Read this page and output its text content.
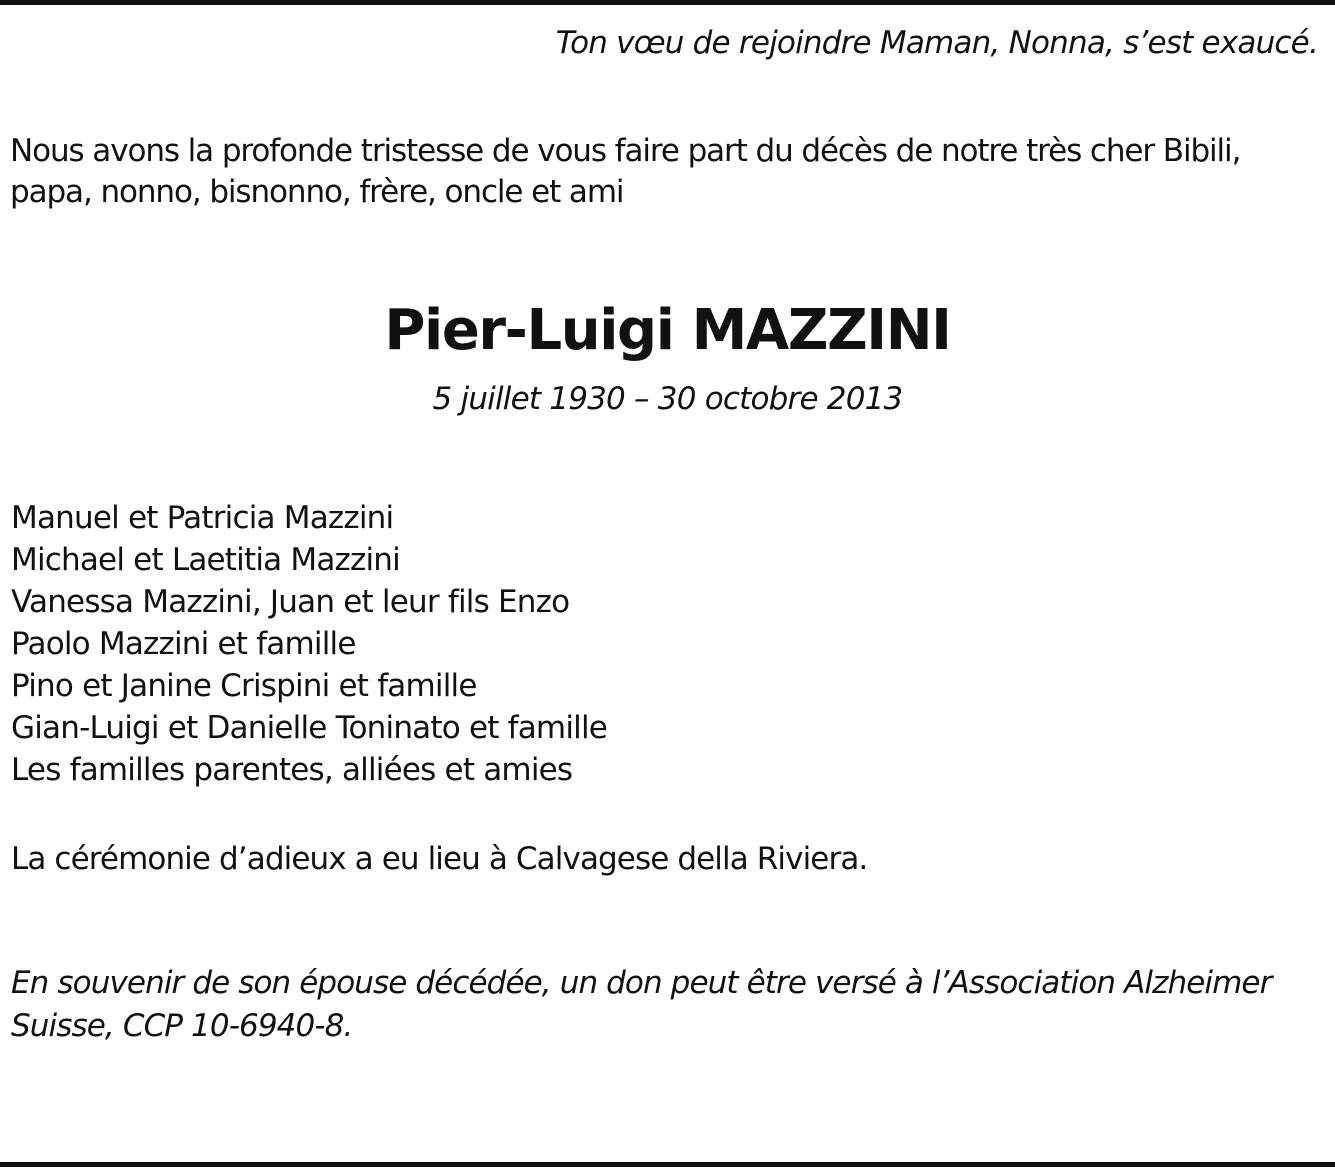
Ton vœu de rejoindre Maman, Nonna, s’est exaucé.
Nous avons la profonde tristesse de vous faire part du décès de notre très cher Bibili,
papa, nonno, bisnonno, frère, oncle et ami
Pier-Luigi MAZZINI
5 juillet 1930 – 30 octobre 2013
Manuel et Patricia Mazzini
Michael et Laetitia Mazzini
Vanessa Mazzini, Juan et leur fils Enzo
Paolo Mazzini et famille
Pino et Janine Crispini et famille
Gian-Luigi et Danielle Toninato et famille
Les familles parentes, alliées et amies
La cérémonie d’adieux a eu lieu à Calvagese della Riviera.
En souvenir de son épouse décédée, un don peut être versé à l’Association Alzheimer
Suisse, CCP 10-6940-8.
